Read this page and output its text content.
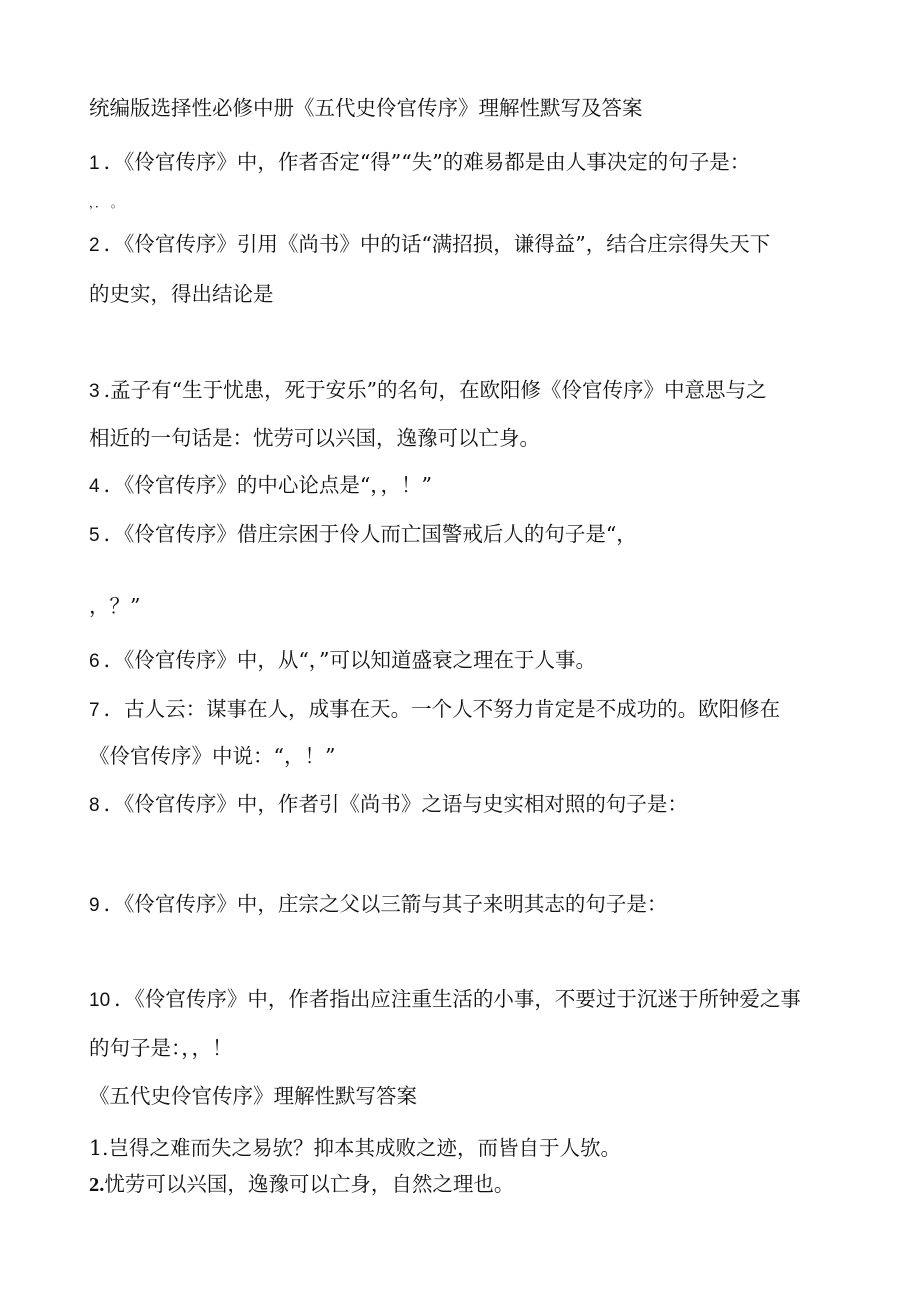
统编版选择性必修中册《五代史伶官传序》理解性默写及答案
1 ．《伶官传序》中，作者否定“得”“失”的难易都是由人事决定的句子是：
，． 。
2 ．《伶官传序》引用《尚书》中的话“满招损，谦得益”，结合庄宗得失天下
的史实，得出结论是
3 .孟子有“生于忧患，死于安乐”的名句，在欧阳修《伶官传序》中意思与之
相近的一句话是：忧劳可以兴国，逸豫可以亡身。
4 ．《伶官传序》的中心论点是“，，！”
5 ．《伶官传序》借庄宗困于伶人而亡国警戒后人的句子是“，
，？”
6 ．《伶官传序》中，从“，”可以知道盛衰之理在于人事。
7 ．古人云：谋事在人，成事在天。一个人不努力肯定是不成功的。欧阳修在
《伶官传序》中说：“，！”
8 ．《伶官传序》中，作者引《尚书》之语与史实相对照的句子是：
9 ．《伶官传序》中，庄宗之父以三箭与其子来明其志的句子是：
10 ．《伶官传序》中，作者指出应注重生活的小事，不要过于沉迷于所钟爱之事
的句子是：，，！
《五代史伶官传序》理解性默写答案
1.岂得之难而失之易欤？抑本其成败之迹，而皆自于人欤。
2.忧劳可以兴国，逸豫可以亡身，自然之理也。
